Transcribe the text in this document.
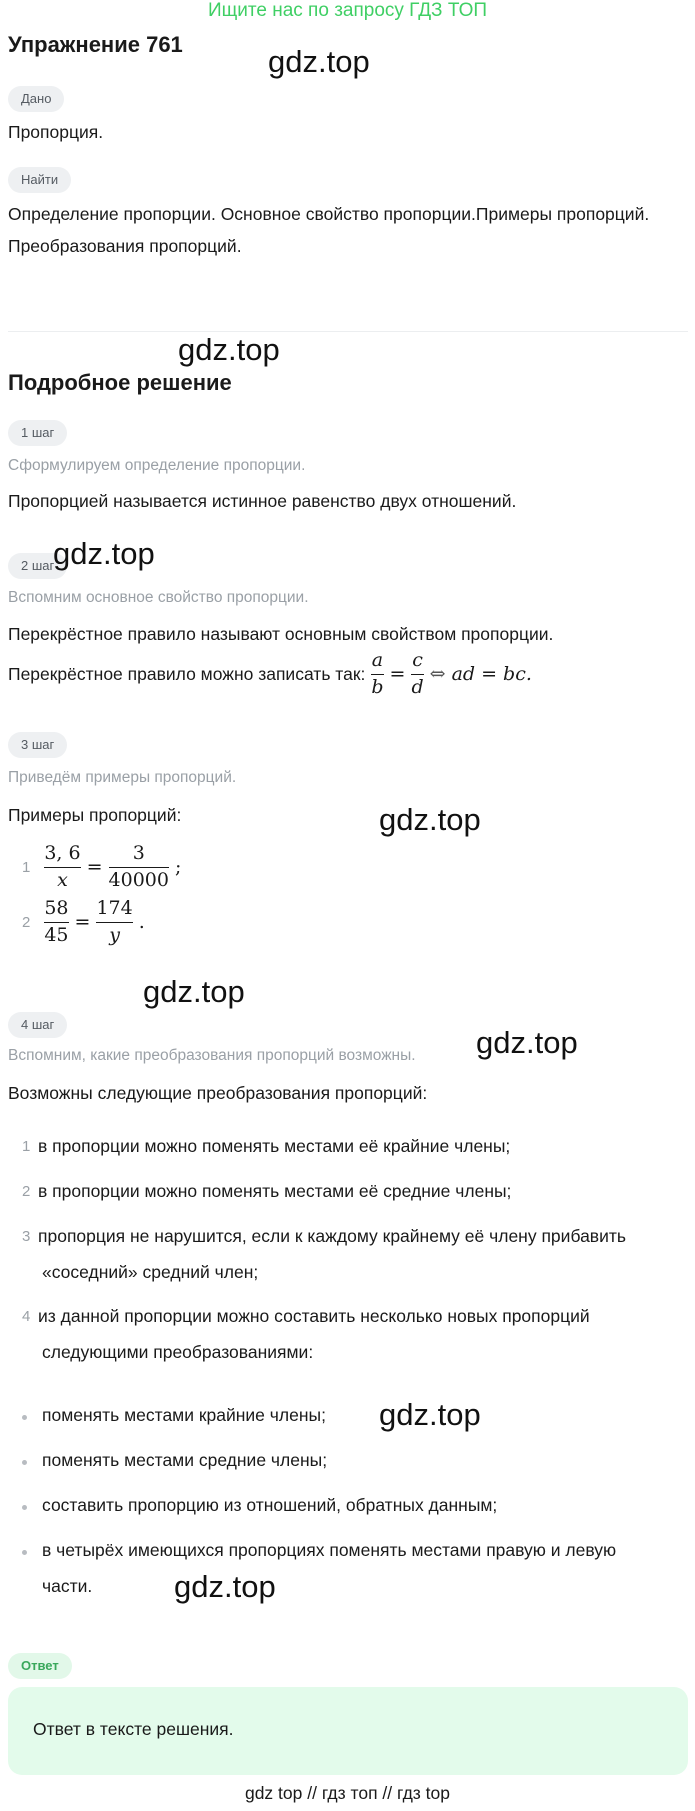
Ищите нас по запросу ГДЗ ТОП
Упражнение 761	gdz.top
Дано
Пропорция.
Найти
Определение пропорции. Основное свойство пропорции.Примеры пропорций.
Преобразования пропорций.
gdz.top
Подробное решение
1 шаг
Сформулируем определение пропорции.
Пропорцией называется истинное равенство двух отношений.
2 шаг
gdz.top
Вспомним основное свойство пропорции.
Перекрёстное правило называют основным свойством пропорции.
Перекрёстное правило можно записать так: $\frac{a}{b} = \frac{c}{d}$ ⇔ ad = bc.
3 шаг
Приведём примеры пропорций.
Примеры пропорций:	gdz.top
$1 \frac{3, 6}{x} = \frac{3}{40000}$ ;
$2 \frac{58}{45} = \frac{174}{y}$ .
gdz.top
4 шаг
gdz.top
Вспомним, какие преобразования пропорций возможны.
Возможны следующие преобразования пропорций:
1 в пропорции можно поменять местами её крайние члены;
2 в пропорции можно поменять местами её средние члены;
3 пропорция не нарушится, если к каждому крайнему её члену прибавить
«соседний» средний член;
4 из данной пропорции можно составить несколько новых пропорций
следующими преобразованиями:
поменять местами крайние члены; gdz.top
поменять местами средние члены;
составить пропорцию из отношений, обратных данным;
в четырёх имеющихся пропорциях поменять местами правую и левую
части.	gdz.top
Ответ
Ответ в тексте решения.
gdz top // гдз топ // гдз top
